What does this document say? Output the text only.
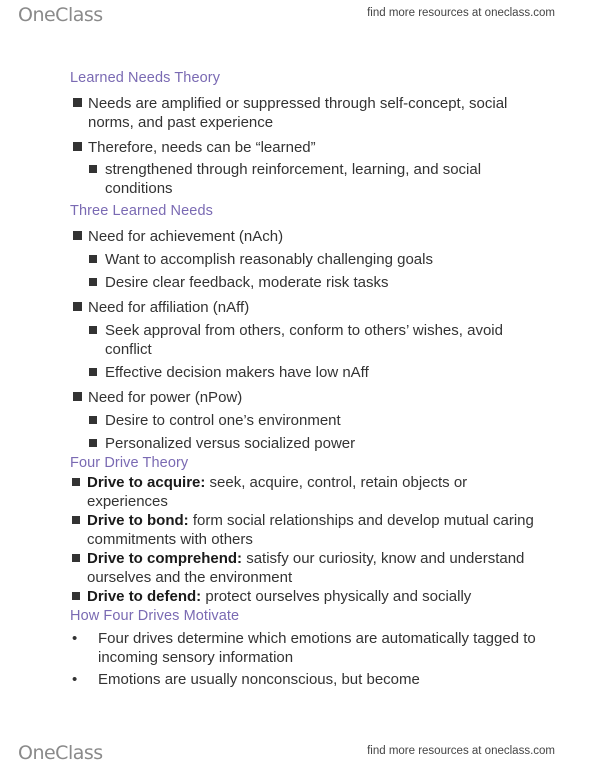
OneClass	find more resources at oneclass.com
Learned Needs Theory
Needs are amplified or suppressed through self-concept, social norms, and past experience
Therefore, needs can be “learned”
strengthened through reinforcement, learning, and social conditions
Three Learned Needs
Need for achievement (nAch)
Want to accomplish reasonably challenging goals
Desire clear feedback, moderate risk tasks
Need for affiliation (nAff)
Seek approval from others, conform to others’ wishes, avoid conflict
Effective decision makers have low nAff
Need for power (nPow)
Desire to control one’s environment
Personalized versus socialized power
Four Drive Theory
Drive to acquire: seek, acquire, control, retain objects or experiences
Drive to bond: form social relationships and develop mutual caring commitments with others
Drive to comprehend: satisfy our curiosity, know and understand ourselves and the environment
Drive to defend: protect ourselves physically and socially
How Four Drives Motivate
• Four drives determine which emotions are automatically tagged to incoming sensory information
• Emotions are usually nonconscious, but become
OneClass	find more resources at oneclass.com
